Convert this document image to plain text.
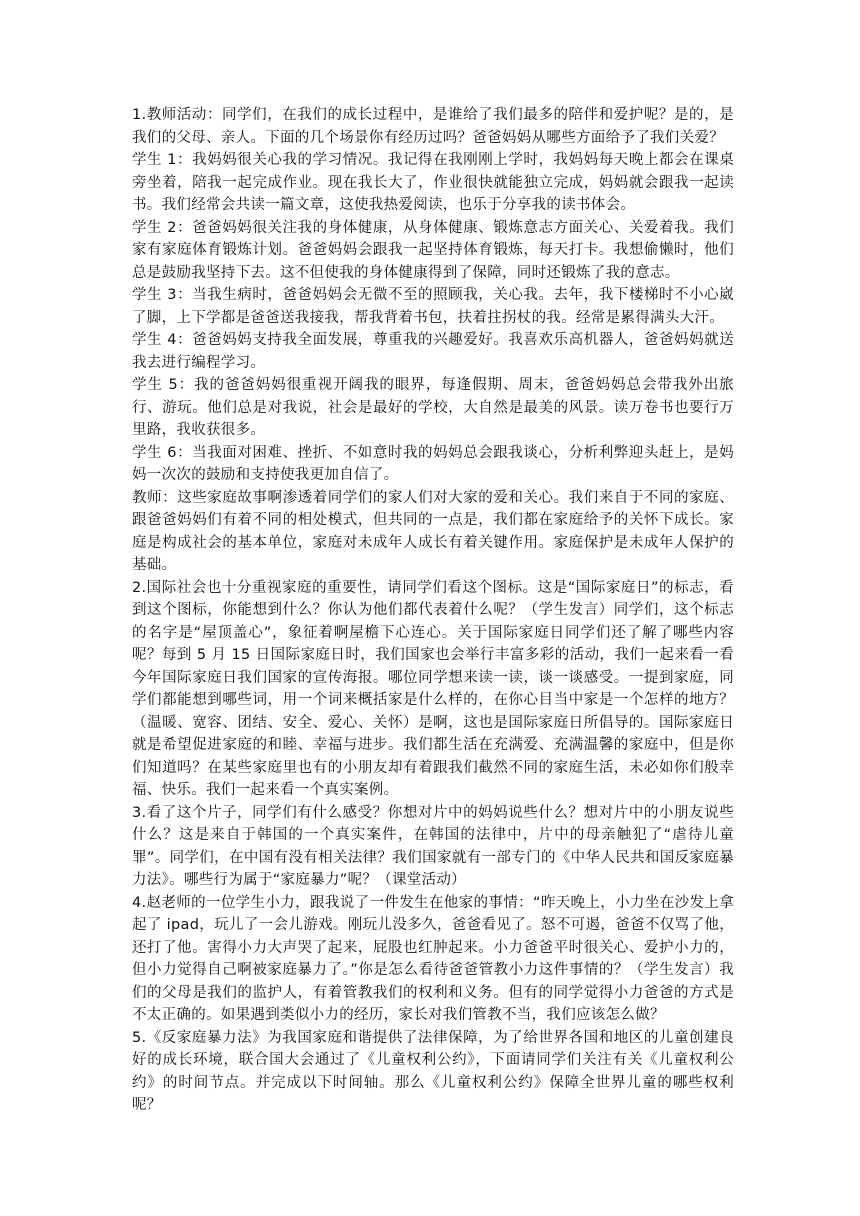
1.教师活动：同学们，在我们的成长过程中，是谁给了我们最多的陪伴和爱护呢？是的，是我们的父母、亲人。下面的几个场景你有经历过吗？爸爸妈妈从哪些方面给予了我们关爱？

学生 1：我妈妈很关心我的学习情况。我记得在我刚刚上学时，我妈妈每天晚上都会在课桌旁坐着，陪我一起完成作业。现在我长大了，作业很快就能独立完成，妈妈就会跟我一起读书。我们经常会共读一篇文章，这使我热爱阅读，也乐于分享我的读书体会。

学生 2：爸爸妈妈很关注我的身体健康，从身体健康、锻炼意志方面关心、关爱着我。我们家有家庭体育锻炼计划。爸爸妈妈会跟我一起坚持体育锻炼，每天打卡。我想偷懒时，他们总是鼓励我坚持下去。这不但使我的身体健康得到了保障，同时还锻炼了我的意志。

学生 3：当我生病时，爸爸妈妈会无微不至的照顾我，关心我。去年，我下楼梯时不小心崴了脚，上下学都是爸爸送我接我，帮我背着书包，扶着拄拐杖的我。经常是累得满头大汗。

学生 4：爸爸妈妈支持我全面发展，尊重我的兴趣爱好。我喜欢乐高机器人，爸爸妈妈就送我去进行编程学习。

学生 5：我的爸爸妈妈很重视开阔我的眼界，每逢假期、周末，爸爸妈妈总会带我外出旅行、游玩。他们总是对我说，社会是最好的学校，大自然是最美的风景。读万卷书也要行万里路，我收获很多。

学生 6：当我面对困难、挫折、不如意时我的妈妈总会跟我谈心，分析利弊迎头赶上，是妈妈一次次的鼓励和支持使我更加自信了。

教师：这些家庭故事啊渗透着同学们的家人们对大家的爱和关心。我们来自于不同的家庭、跟爸爸妈妈们有着不同的相处模式，但共同的一点是，我们都在家庭给予的关怀下成长。家庭是构成社会的基本单位，家庭对未成年人成长有着关键作用。家庭保护是未成年人保护的基础。

2.国际社会也十分重视家庭的重要性，请同学们看这个图标。这是“国际家庭日”的标志，看到这个图标，你能想到什么？你认为他们都代表着什么呢？（学生发言）同学们，这个标志的名字是“屋顶盖心”，象征着啊屋檐下心连心。关于国际家庭日同学们还了解了哪些内容呢？每到 5 月 15 日国际家庭日时，我们国家也会举行丰富多彩的活动，我们一起来看一看今年国际家庭日我们国家的宣传海报。哪位同学想来读一读，谈一谈感受。一提到家庭，同学们都能想到哪些词，用一个词来概括家是什么样的，在你心目当中家是一个怎样的地方？（温暖、宽容、团结、安全、爱心、关怀）是啊，这也是国际家庭日所倡导的。国际家庭日就是希望促进家庭的和睦、幸福与进步。我们都生活在充满爱、充满温馨的家庭中，但是你们知道吗？在某些家庭里也有的小朋友却有着跟我们截然不同的家庭生活，未必如你们般幸福、快乐。我们一起来看一个真实案例。

3.看了这个片子，同学们有什么感受？你想对片中的妈妈说些什么？想对片中的小朋友说些什么？这是来自于韩国的一个真实案件，在韩国的法律中，片中的母亲触犯了“虐待儿童罪”。同学们，在中国有没有相关法律？我们国家就有一部专门的《中华人民共和国反家庭暴力法》。哪些行为属于“家庭暴力”呢？（课堂活动）

4.赵老师的一位学生小力，跟我说了一件发生在他家的事情：“昨天晚上，小力坐在沙发上拿起了 ipad，玩儿了一会儿游戏。刚玩儿没多久，爸爸看见了。怒不可遏，爸爸不仅骂了他，还打了他。害得小力大声哭了起来，屁股也红肿起来。小力爸爸平时很关心、爱护小力的，但小力觉得自己啊被家庭暴力了。”你是怎么看待爸爸管教小力这件事情的？（学生发言）我们的父母是我们的监护人，有着管教我们的权利和义务。但有的同学觉得小力爸爸的方式是不太正确的。如果遇到类似小力的经历，家长对我们管教不当，我们应该怎么做？

5.《反家庭暴力法》为我国家庭和谐提供了法律保障，为了给世界各国和地区的儿童创建良好的成长环境，联合国大会通过了《儿童权利公约》，下面请同学们关注有关《儿童权利公约》的时间节点。并完成以下时间轴。那么《儿童权利公约》保障全世界儿童的哪些权利呢？
